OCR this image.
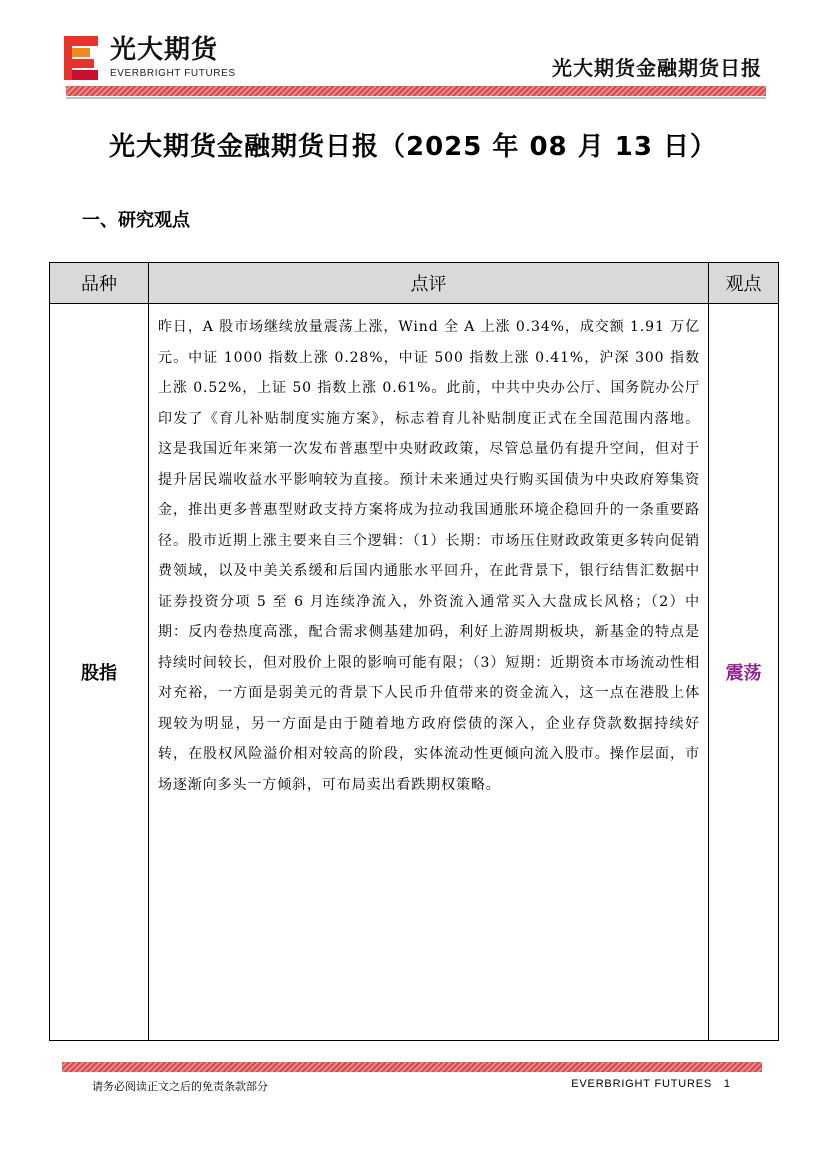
光大期货
EVERBRIGHT FUTURES	光大期货金融期货日报
光大期货金融期货日报（2025 年 08 月 13 日）
一、研究观点
品种	点评	观点
股指	昨日，A 股市场继续放量震荡上涨，Wind 全 A 上涨 0.34%，成交额 1.91 万亿元。中证 1000 指数上涨 0.28%，中证 500 指数上涨 0.41%，沪深 300 指数上涨 0.52%，上证 50 指数上涨 0.61%。此前，中共中央办公厅、国务院办公厅印发了《育儿补贴制度实施方案》，标志着育儿补贴制度正式在全国范围内落地。这是我国近年来第一次发布普惠型中央财政政策，尽管总量仍有提升空间，但对于提升居民端收益水平影响较为直接。预计未来通过央行购买国债为中央政府筹集资金，推出更多普惠型财政支持方案将成为拉动我国通胀环境企稳回升的一条重要路径。股市近期上涨主要来自三个逻辑：（1）长期：市场压住财政政策更多转向促销费领域，以及中美关系缓和后国内通胀水平回升，在此背景下，银行结售汇数据中证券投资分项 5 至 6 月连续净流入，外资流入通常买入大盘成长风格；（2）中期：反内卷热度高涨，配合需求侧基建加码，利好上游周期板块，新基金的特点是持续时间较长，但对股价上限的影响可能有限；（3）短期：近期资本市场流动性相对充裕，一方面是弱美元的背景下人民币升值带来的资金流入，这一点在港股上体现较为明显，另一方面是由于随着地方政府偿债的深入，企业存贷款数据持续好转，在股权风险溢价相对较高的阶段，实体流动性更倾向流入股市。操作层面，市场逐渐向多头一方倾斜，可布局卖出看跌期权策略。	震荡
请务必阅读正文之后的免责条款部分	EVERBRIGHT FUTURES 1
